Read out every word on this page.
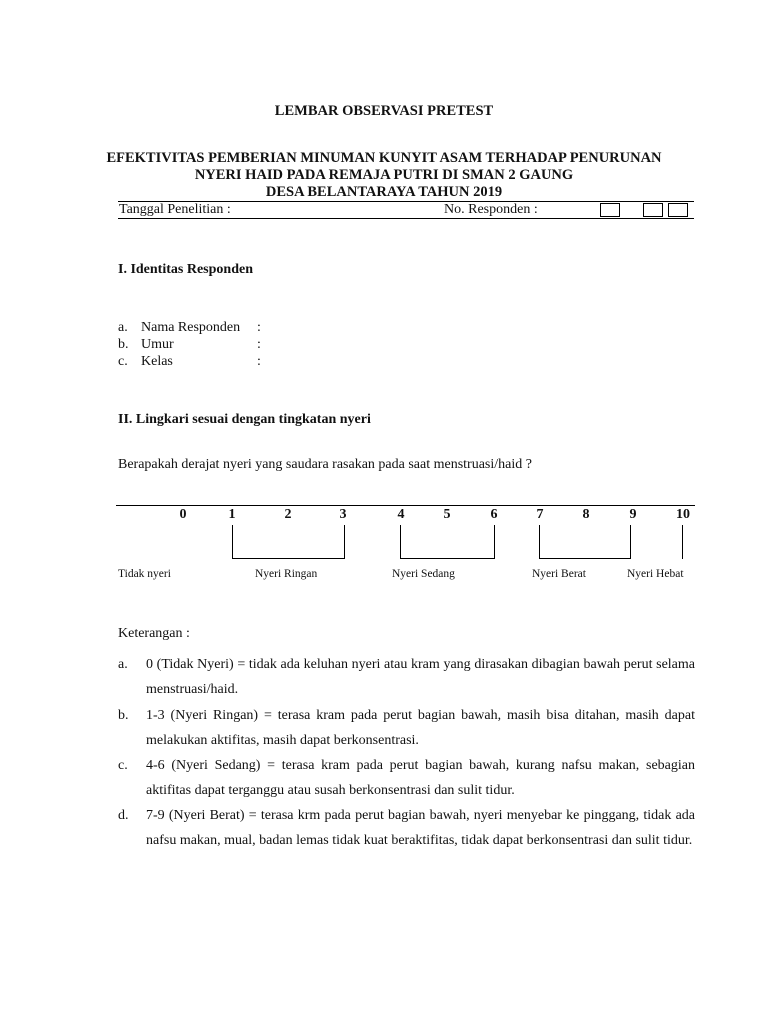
LEMBAR OBSERVASI PRETEST
EFEKTIVITAS PEMBERIAN MINUMAN KUNYIT ASAM TERHADAP PENURUNAN
NYERI HAID PADA REMAJA PUTRI DI SMAN 2 GAUNG
DESA BELANTARAYA TAHUN 2019
Tanggal Penelitian :	No. Responden :
I. Identitas Responden
a. Nama Responden :
b. Umur	:
c. Kelas	:
II. Lingkari sesuai dengan tingkatan nyeri
Berapakah derajat nyeri yang saudara rasakan pada saat menstruasi/haid ?
0	1	2	3	4	5	6	7	8	9	10
Tidak nyeri	Nyeri Ringan	Nyeri Sedang	Nyeri Berat	Nyeri Hebat
Keterangan :
a. 0 (Tidak Nyeri) = tidak ada keluhan nyeri atau kram yang dirasakan dibagian bawah perut selama menstruasi/haid.
b. 1-3 (Nyeri Ringan) = terasa kram pada perut bagian bawah, masih bisa ditahan, masih dapat melakukan aktifitas, masih dapat berkonsentrasi.
c. 4-6 (Nyeri Sedang) = terasa kram pada perut bagian bawah, kurang nafsu makan, sebagian aktifitas dapat terganggu atau susah berkonsentrasi dan sulit tidur.
d. 7-9 (Nyeri Berat) = terasa krm pada perut bagian bawah, nyeri menyebar ke pinggang, tidak ada nafsu makan, mual, badan lemas tidak kuat beraktifitas, tidak dapat berkonsentrasi dan sulit tidur.
